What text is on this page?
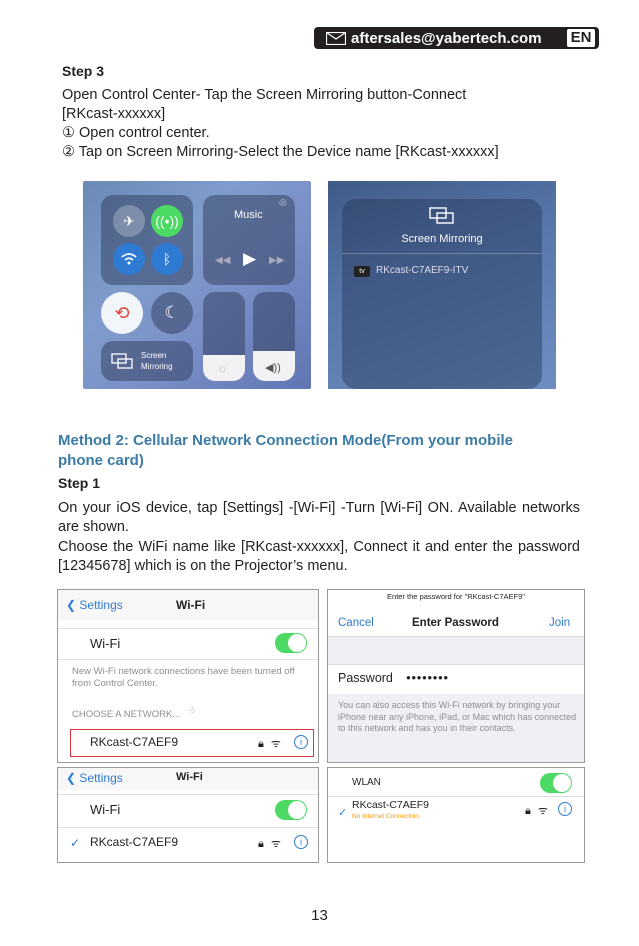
aftersales@yabertech.com EN
Step 3
Open Control Center- Tap the Screen Mirroring button-Connect
[RKcast-xxxxxx]
① Open control center.
② Tap on Screen Mirroring-Select the Device name [RKcast-xxxxxx]
✈	((•))
ᛒ
Music
◎
◀◀ ▶ ▶▶
⟲	☾
Screen
Mirroring	☼	◀))
Screen Mirroring
tv	RKcast-C7AEF9-ITV
Method 2: Cellular Network Connection Mode(From your mobile
phone card)
Step 1
On your iOS device, tap [Settings] -[Wi-Fi] -Turn [Wi-Fi] ON. Available networks are shown.
Choose the WiFi name like [RKcast-xxxxxx], Connect it and enter the password [12345678] which is on the Projector’s menu.
❮ Settings	Wi-Fi
Wi-Fi
New Wi-Fi network connections have been turned off from Control Center.
CHOOSE A NETWORK... ⁘
RKcast-C7AEF9	🔒︎ ᯤ	i
Enter the password for "RKcast-C7AEF9"
Cancel	Enter Password	Join
Password ●●●●●●●●
You can also access this Wi-Fi network by bringing your iPhone near any iPhone, iPad, or Mac which has connected to this network and has you in their contacts.
❮ Settings	Wi-Fi
Wi-Fi
✓ RKcast-C7AEF9	🔒︎ ᯤ	i
WLAN
✓
RKcast-C7AEF9
No Internet Connection	🔒︎ ᯤ	i
13
